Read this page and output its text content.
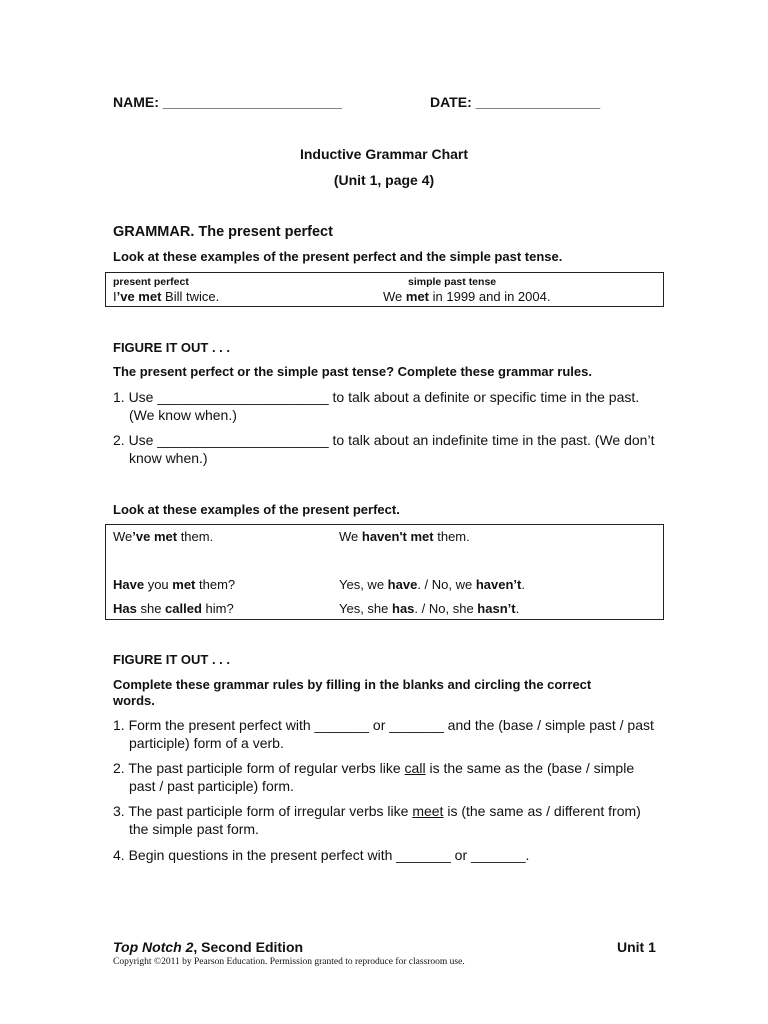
NAME: _______________________	DATE: ________________
Inductive Grammar Chart
(Unit 1, page 4)
GRAMMAR. The present perfect
Look at these examples of the present perfect and the simple past tense.
present perfect	simple past tense
I’ve met Bill twice.	We met in 1999 and in 2004.
FIGURE IT OUT . . .
The present perfect or the simple past tense? Complete these grammar rules.
1. Use ______________________ to talk about a definite or specific time in the past.
(We know when.)
2. Use ______________________ to talk about an indefinite time in the past. (We don’t
know when.)
Look at these examples of the present perfect.
We’ve met them.	We haven't met them.
Have you met them?	Yes, we have. / No, we haven’t.
Has she called him?	Yes, she has. / No, she hasn’t.
FIGURE IT OUT . . .
Complete these grammar rules by filling in the blanks and circling the correct
words.
1. Form the present perfect with _______ or _______ and the (base / simple past / past
participle) form of a verb.
2. The past participle form of regular verbs like call is the same as the (base / simple
past / past participle) form.
3. The past participle form of irregular verbs like meet is (the same as / different from)
the simple past form.
4. Begin questions in the present perfect with _______ or _______.
Top Notch 2, Second Edition	Unit 1
Copyright ©2011 by Pearson Education. Permission granted to reproduce for classroom use.
